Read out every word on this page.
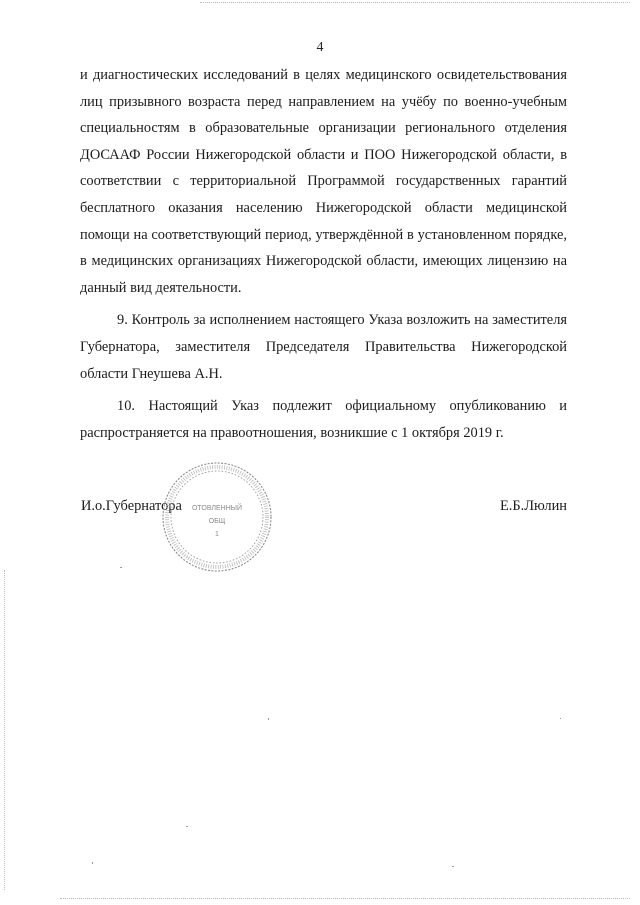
4

и диагностических исследований в целях медицинского освидетельствования лиц призывного возраста перед направлением на учёбу по военно-учебным специальностям в образовательные организации регионального отделения ДОСААФ России Нижегородской области и ПОО Нижегородской области, в соответствии с территориальной Программой государственных гарантий бесплатного оказания населению Нижегородской области медицинской помощи на соответствующий период, утверждённой в установленном порядке, в медицинских организациях Нижегородской области, имеющих лицензию на данный вид деятельности.

9. Контроль за исполнением настоящего Указа возложить на заместителя Губернатора, заместителя Председателя Правительства Нижегородской области Гнеушева А.Н.

10. Настоящий Указ подлежит официальному опубликованию и распространяется на правоотношения, возникшие с 1 октября 2019 г.

И.о.Губернатора	Е.Б.Люлин
ОТОВЛЕННЫЙ
ОБЩ
1
